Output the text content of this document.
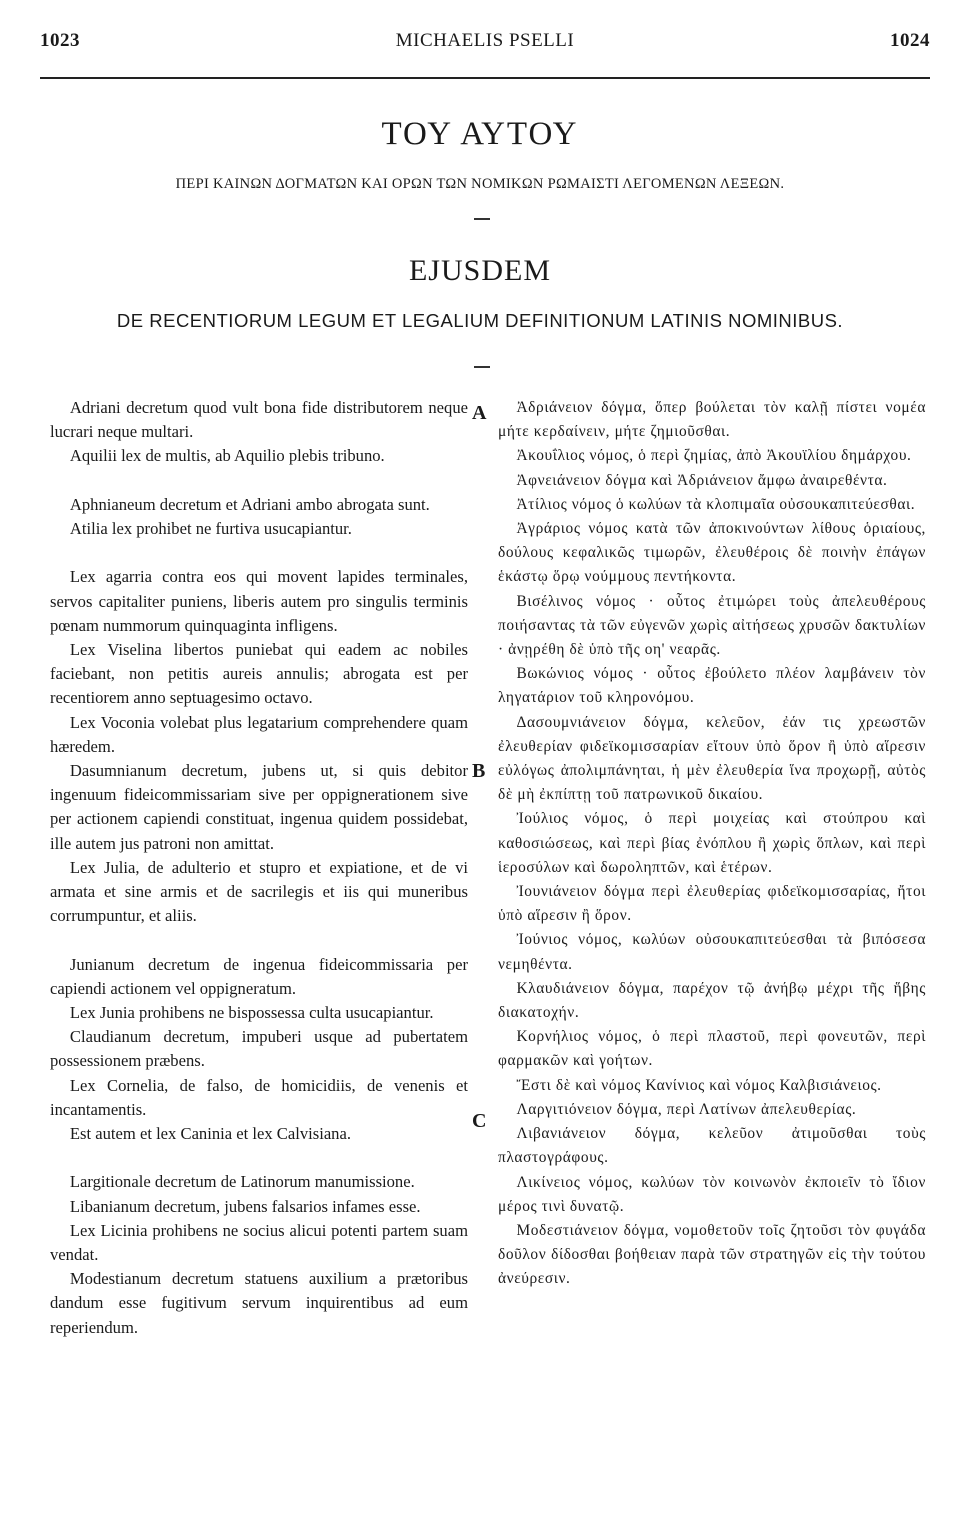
1023	MICHAELIS PSELLI	1024
ΤΟΥ ΑΥΤΟΥ
ΠΕΡΙ ΚΑΙΝΩΝ ΔΟΓΜΑΤΩΝ ΚΑΙ ΟΡΩΝ ΤΩΝ ΝΟΜΙΚΩΝ ΡΩΜΑΙΣΤΙ ΛΕΓΟΜΕΝΩΝ ΛΕΞΕΩΝ.
EJUSDEM
DE RECENTIORUM LEGUM ET LEGALIUM DEFINITIONUM LATINIS NOMINIBUS.

Adriani decretum quod vult bona fide distributorem neque lucrari neque multari.

Aquilii lex de multis, ab Aquilio plebis tribuno.

Aphnianeum decretum et Adriani ambo abrogata sunt.

Atilia lex prohibet ne furtiva usucapiantur.

Lex agarria contra eos qui movent lapides terminales, servos capitaliter puniens, liberis autem pro singulis terminis pœnam nummorum quinquaginta infligens.

Lex Viselina libertos puniebat qui eadem ac nobiles faciebant, non petitis aureis annulis; abrogata est per recentiorem anno septuagesimo octavo.

Lex Voconia volebat plus legatarium comprehendere quam hæredem.

Dasumnianum decretum, jubens ut, si quis debitor ingenuum fideicommissariam sive per oppignerationem sive per actionem capiendi constituat, ingenua quidem possidebat, ille autem jus patroni non amittat.

Lex Julia, de adulterio et stupro et expiatione, et de vi armata et sine armis et de sacrilegis et iis qui muneribus corrumpuntur, et aliis.

Junianum decretum de ingenua fideicommissaria per capiendi actionem vel oppigneratum.

Lex Junia prohibens ne bispossessa culta usucapiantur.

Claudianum decretum, impuberi usque ad pubertatem possessionem præbens.

Lex Cornelia, de falso, de homicidiis, de venenis et incantamentis.

Est autem et lex Caninia et lex Calvisiana.

Largitionale decretum de Latinorum manumissione.

Libanianum decretum, jubens falsarios infames esse.

Lex Licinia prohibens ne socius alicui potenti partem suam vendat.

Modestianum decretum statuens auxilium a prætoribus dandum esse fugitivum servum inquirentibus ad eum reperiendum.

A
B
C

Ἀδριάνειον δόγμα, ὅπερ βούλεται τὸν καλῇ πίστει νομέα μήτε κερδαίνειν, μήτε ζημιοῦσθαι.

Ἀκουΐλιος νόμος, ὁ περὶ ζημίας, ἀπὸ Ἀκουϊλίου δημάρχου.

Ἀφνειάνειον δόγμα καὶ Ἀδριάνειον ἄμφω ἀναιρεθέντα.

Ἀτίλιος νόμος ὁ κωλύων τὰ κλοπιμαῖα οὐσουκαπιτεύεσθαι.

Ἀγράριος νόμος κατὰ τῶν ἀποκινούντων λίθους ὁριαίους, δούλους κεφαλικῶς τιμωρῶν, ἐλευθέροις δὲ ποινὴν ἐπάγων ἑκάστῳ ὅρῳ νούμμους πεντήκοντα.

Βισέλινος νόμος · οὗτος ἐτιμώρει τοὺς ἀπελευθέρους ποιήσαντας τὰ τῶν εὐγενῶν χωρὶς αἰτήσεως χρυσῶν δακτυλίων · ἀνῃρέθη δὲ ὑπὸ τῆς οη' νεαρᾶς.

Βωκώνιος νόμος · οὗτος ἐβούλετο πλέον λαμβάνειν τὸν ληγατάριον τοῦ κληρονόμου.

Δασουμνιάνειον δόγμα, κελεῦον, ἐάν τις χρεωστῶν ἐλευθερίαν φιδεϊκομισσαρίαν εἴτουν ὑπὸ ὅρον ἢ ὑπὸ αἵρεσιν εὐλόγως ἀπολιμπάνηται, ἡ μὲν ἐλευθερία ἵνα προχωρῇ, αὐτὸς δὲ μὴ ἐκπίπτῃ τοῦ πατρωνικοῦ δικαίου.

Ἰούλιος νόμος, ὁ περὶ μοιχείας καὶ στούπρου καὶ καθοσιώσεως, καὶ περὶ βίας ἐνόπλου ἢ χωρὶς ὅπλων, καὶ περὶ ἱεροσύλων καὶ δωροληπτῶν, καὶ ἑτέρων.

Ἰουνιάνειον δόγμα περὶ ἐλευθερίας φιδεϊκομισσαρίας, ἤτοι ὑπὸ αἵρεσιν ἢ ὅρον.

Ἰούνιος νόμος, κωλύων οὐσουκαπιτεύεσθαι τὰ βιπόσεσα νεμηθέντα.

Κλαυδιάνειον δόγμα, παρέχον τῷ ἀνήβῳ μέχρι τῆς ἥβης διακατοχήν.

Κορνήλιος νόμος, ὁ περὶ πλαστοῦ, περὶ φονευτῶν, περὶ φαρμακῶν καὶ γοήτων.

Ἔστι δὲ καὶ νόμος Κανίνιος καὶ νόμος Καλβισιάνειος.

Λαργιτιόνειον δόγμα, περὶ Λατίνων ἀπελευθερίας.

Λιβανιάνειον δόγμα, κελεῦον ἀτιμοῦσθαι τοὺς πλαστογράφους.

Λικίνειος νόμος, κωλύων τὸν κοινωνὸν ἐκποιεῖν τὸ ἴδιον μέρος τινὶ δυνατῷ.

Μοδεστιάνειον δόγμα, νομοθετοῦν τοῖς ζητοῦσι τὸν φυγάδα δοῦλον δίδοσθαι βοήθειαν παρὰ τῶν στρατηγῶν εἰς τὴν τούτου ἀνεύρεσιν.
